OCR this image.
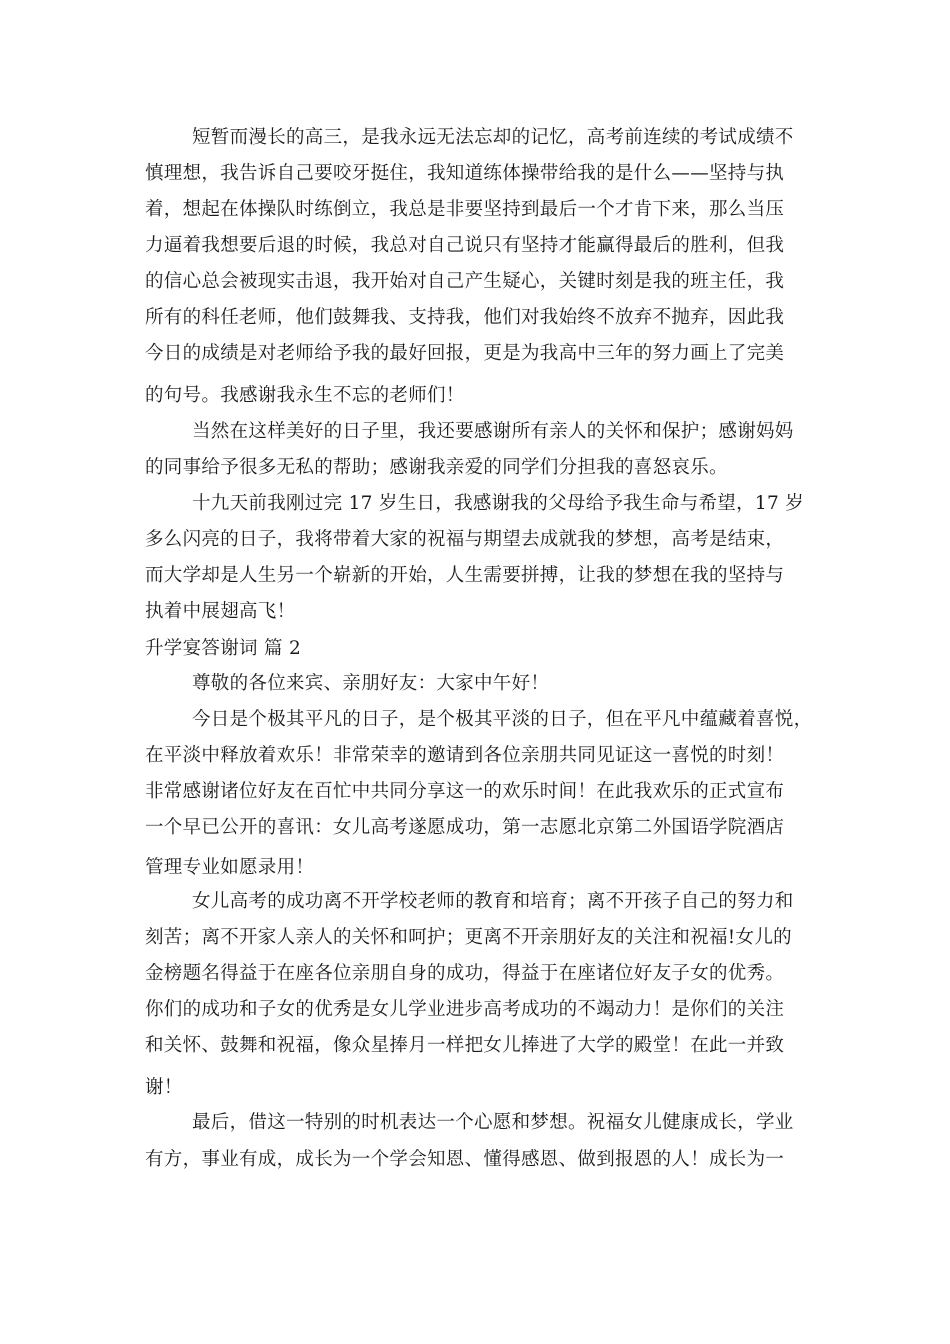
短暂而漫长的高三，是我永远无法忘却的记忆，高考前连续的考试成绩不
慎理想，我告诉自己要咬牙挺住，我知道练体操带给我的是什么——坚持与执
着，想起在体操队时练倒立，我总是非要坚持到最后一个才肯下来，那么当压
力逼着我想要后退的时候，我总对自己说只有坚持才能赢得最后的胜利，但我
的信心总会被现实击退，我开始对自己产生疑心，关键时刻是我的班主任，我
所有的科任老师，他们鼓舞我、支持我，他们对我始终不放弃不抛弃，因此我
今日的成绩是对老师给予我的最好回报，更是为我高中三年的努力画上了完美
的句号。我感谢我永生不忘的老师们！
当然在这样美好的日子里，我还要感谢所有亲人的关怀和保护；感谢妈妈
的同事给予很多无私的帮助；感谢我亲爱的同学们分担我的喜怒哀乐。
十九天前我刚过完 17 岁生日，我感谢我的父母给予我生命与希望，17 岁
多么闪亮的日子，我将带着大家的祝福与期望去成就我的梦想，高考是结束，
而大学却是人生另一个崭新的开始，人生需要拼搏，让我的梦想在我的坚持与
执着中展翅高飞！
升学宴答谢词 篇 2
尊敬的各位来宾、亲朋好友：大家中午好！
今日是个极其平凡的日子，是个极其平淡的日子，但在平凡中蕴藏着喜悦，
在平淡中释放着欢乐！非常荣幸的邀请到各位亲朋共同见证这一喜悦的时刻！
非常感谢诸位好友在百忙中共同分享这一的欢乐时间！在此我欢乐的正式宣布
一个早已公开的喜讯：女儿高考遂愿成功，第一志愿北京第二外国语学院酒店
管理专业如愿录用！
女儿高考的成功离不开学校老师的教育和培育；离不开孩子自己的努力和
刻苦；离不开家人亲人的关怀和呵护；更离不开亲朋好友的关注和祝福!女儿的
金榜题名得益于在座各位亲朋自身的成功，得益于在座诸位好友子女的优秀。
你们的成功和子女的优秀是女儿学业进步高考成功的不竭动力！是你们的关注
和关怀、鼓舞和祝福，像众星捧月一样把女儿捧进了大学的殿堂！在此一并致
谢！
最后，借这一特别的时机表达一个心愿和梦想。祝福女儿健康成长，学业
有方，事业有成，成长为一个学会知恩、懂得感恩、做到报恩的人！成长为一
